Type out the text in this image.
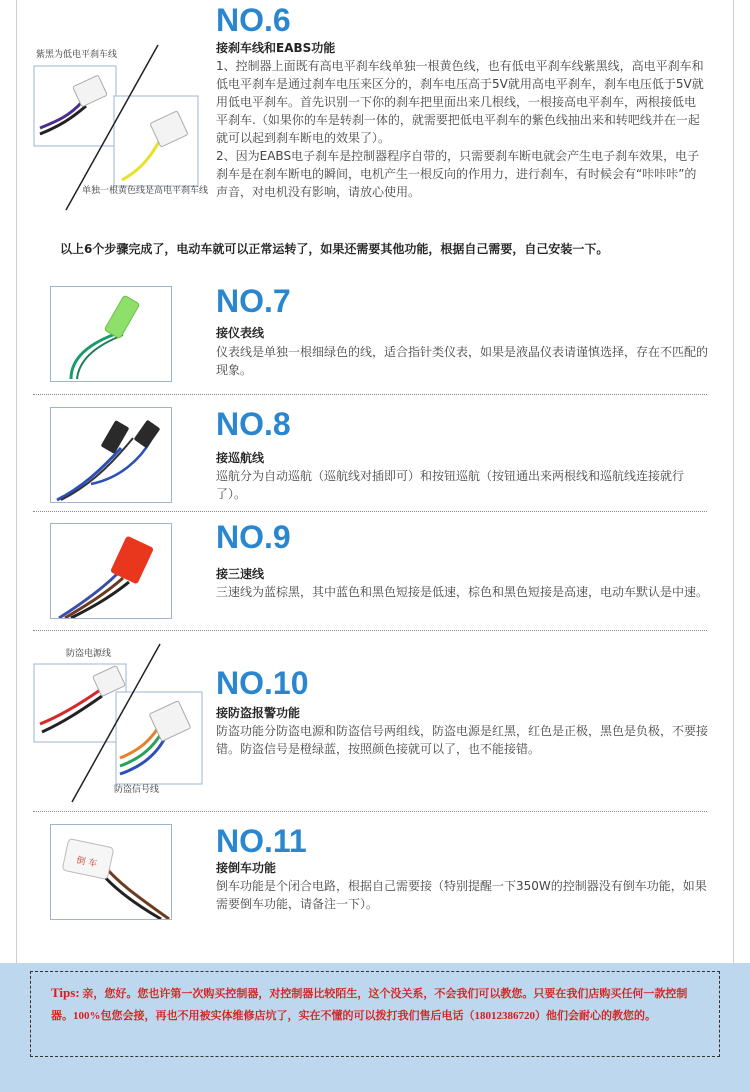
NO.6
接刹车线和EABS功能

1、控制器上面既有高电平刹车线单独一根黄色线，也有低电平刹车线紫黑线，高电平刹车和低电平刹车是通过刹车电压来区分的，刹车电压高于5V就用高电平刹车，刹车电压低于5V就用低电平刹车。首先识别一下你的刹车把里面出来几根线，一根接高电平刹车，两根接低电平刹车.（如果你的车是转刹一体的，就需要把低电平刹车的紫色线抽出来和转吧线并在一起就可以起到刹车断电的效果了）。

2、因为EABS电子刹车是控制器程序自带的，只需要刹车断电就会产生电子刹车效果，电子刹车是在刹车断电的瞬间，电机产生一根反向的作用力，进行刹车，有时候会有“咔咔咔”的声音，对电机没有影响，请放心使用。

紫黑为低电平刹车线
单独一根黄色线是高电平刹车线
以上6个步骤完成了，电动车就可以正常运转了，如果还需要其他功能，根据自己需要，自己安装一下。
NO.7
接仪表线
仪表线是单独一根细绿色的线，适合指针类仪表，如果是液晶仪表请谨慎选择，存在不匹配的现象。
NO.8
接巡航线
巡航分为自动巡航（巡航线对插即可）和按钮巡航（按钮通出来两根线和巡航线连接就行了）。
NO.9
接三速线
三速线为蓝棕黑，其中蓝色和黑色短接是低速，棕色和黑色短接是高速，电动车默认是中速。
防盗电源线
防盗信号线
NO.10
接防盗报警功能
防盗功能分防盗电源和防盗信号两组线，防盗电源是红黑，红色是正极，黑色是负极，不要接错。防盗信号是橙绿蓝，按照颜色接就可以了，也不能接错。
倒 车
NO.11
接倒车功能
倒车功能是个闭合电路，根据自己需要接（特别提醒一下350W的控制器没有倒车功能，如果需要倒车功能，请备注一下）。
Tips: 亲，您好。您也许第一次购买控制器，对控制器比较陌生，这个没关系，不会我们可以教您。只要在我们店购买任何一款控制器。100%包您会接，再也不用被实体维修店坑了，实在不懂的可以拨打我们售后电话（18012386720）他们会耐心的教您的。
